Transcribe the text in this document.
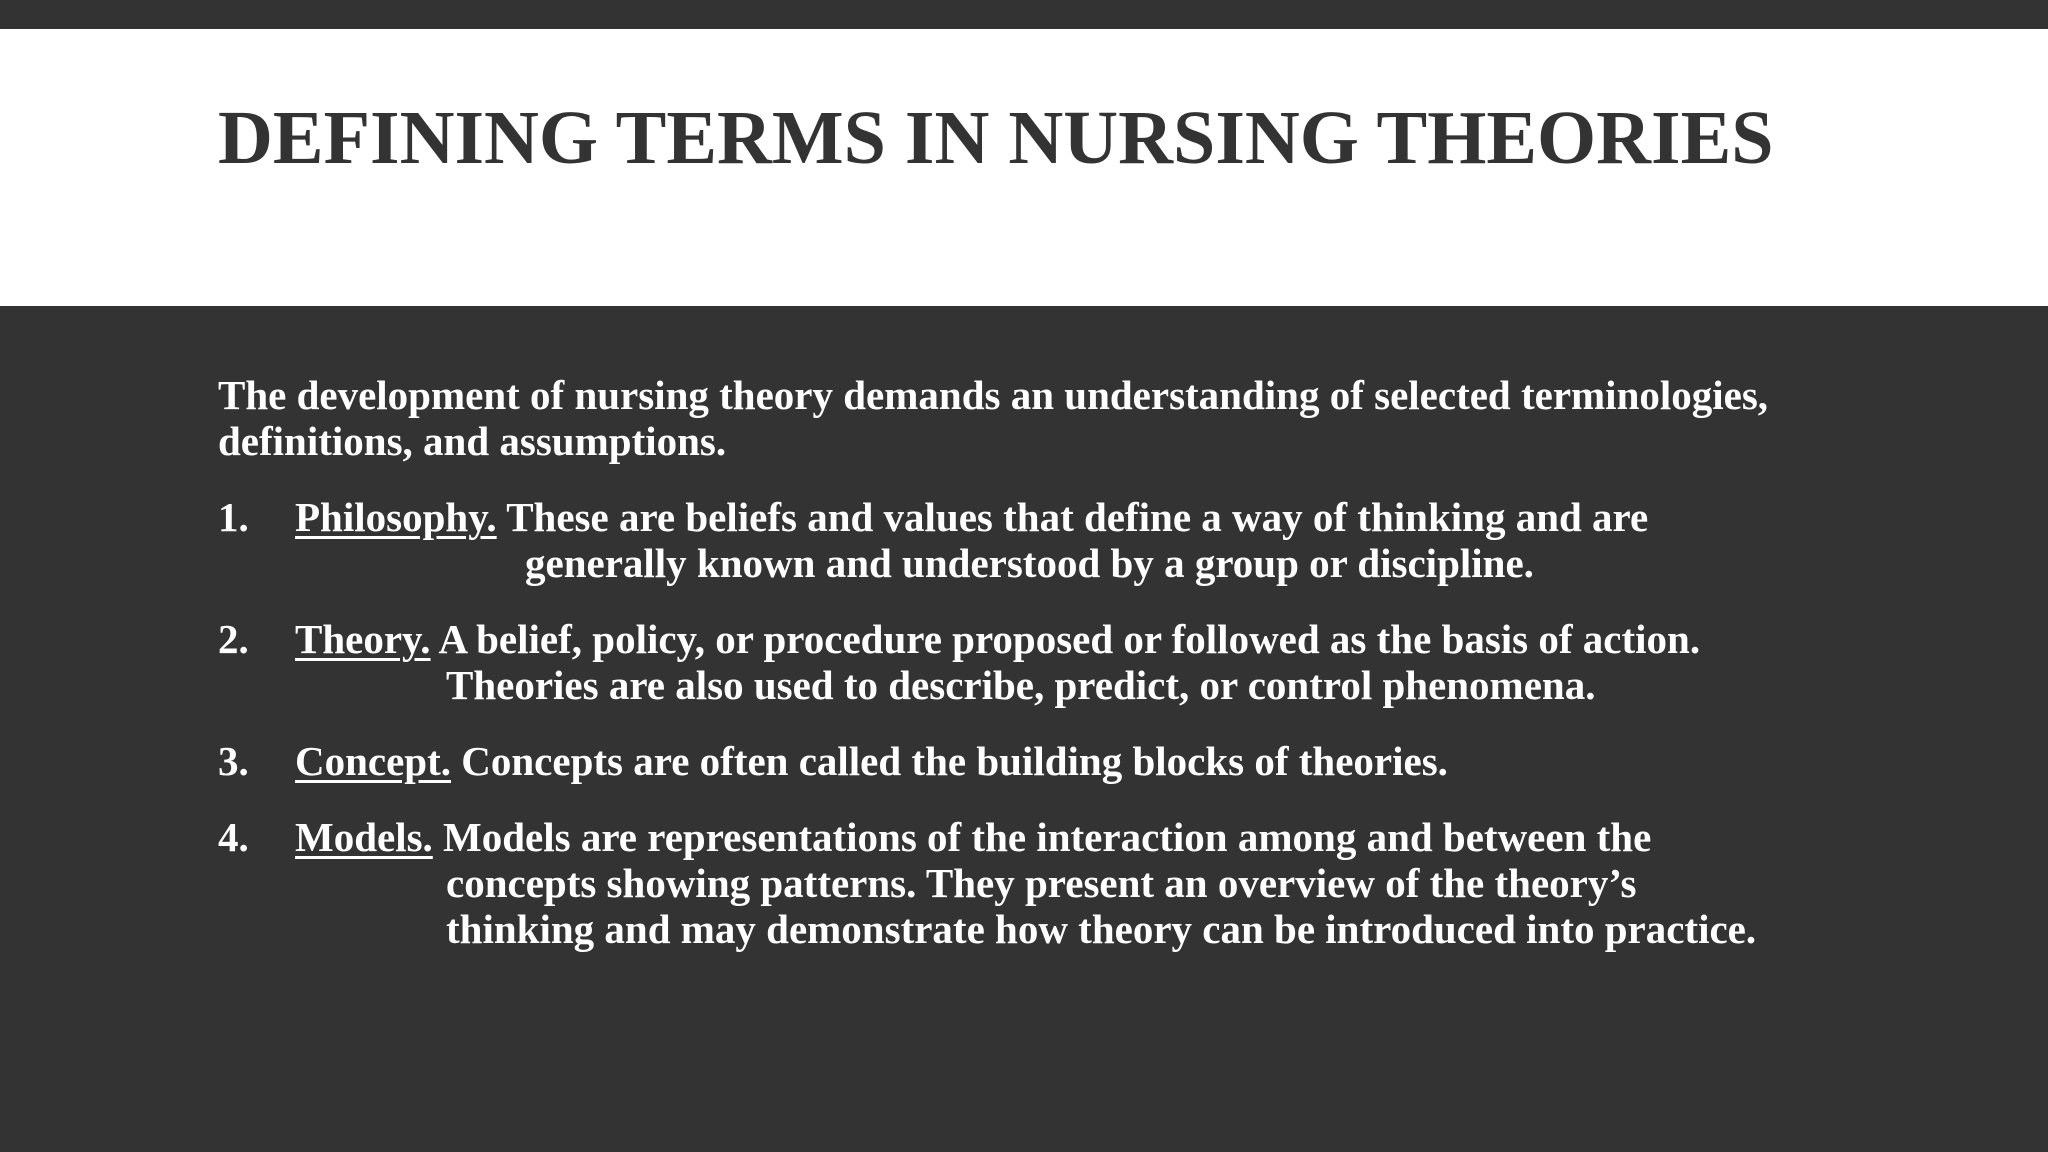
DEFINING TERMS IN NURSING THEORIES

The development of nursing theory demands an understanding of selected terminologies,
definitions, and assumptions.

1. Philosophy. These are beliefs and values that define a way of thinking and are
generally known and understood by a group or discipline.
2. Theory. A belief, policy, or procedure proposed or followed as the basis of action.
Theories are also used to describe, predict, or control phenomena.
3. Concept. Concepts are often called the building blocks of theories.
4. Models. Models are representations of the interaction among and between the
concepts showing patterns. They present an overview of the theory’s
thinking and may demonstrate how theory can be introduced into practice.
